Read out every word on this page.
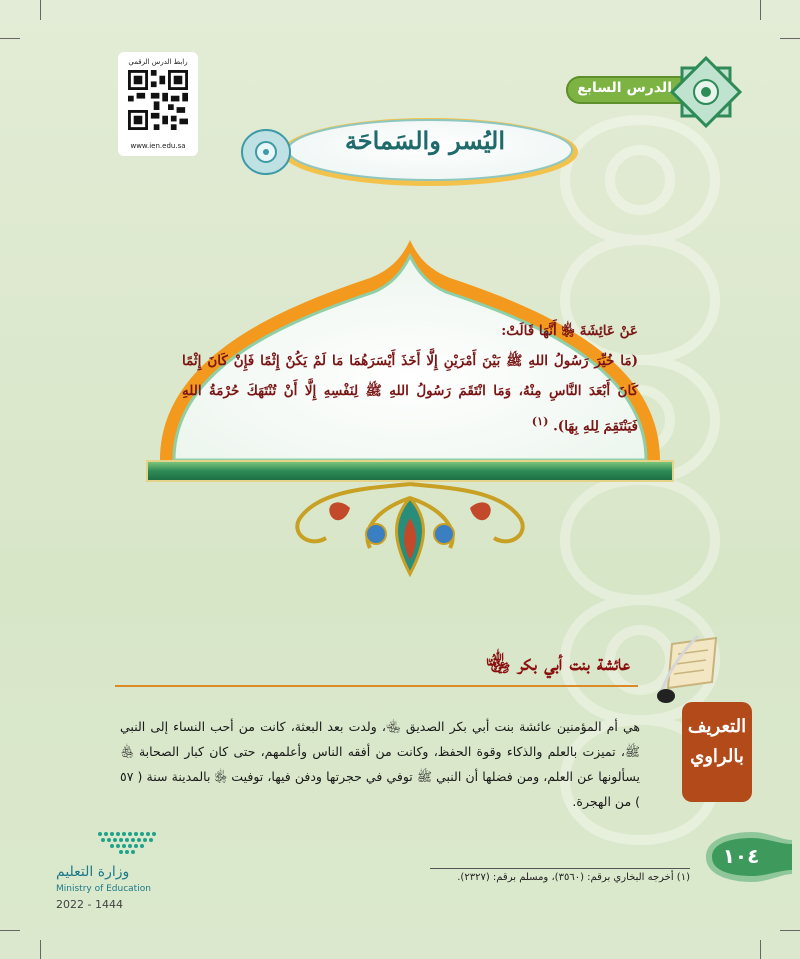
رابط الدرس الرقمي
www.ien.edu.sa
الدرس السابع
اليُسر والسَماحَة
عَنْ عَائِشَةَ ﵂ أَنَّهَا قَالَتْ:
(مَا خُيِّرَ رَسُولُ اللهِ ﷺ بَيْنَ أَمْرَيْنِ إِلَّا أَخَذَ أَيْسَرَهُمَا مَا لَمْ يَكُنْ إِثْمًا فَإِنْ كَانَ إِثْمًا كَانَ أَبْعَدَ النَّاسِ مِنْهُ، وَمَا انْتَقَمَ رَسُولُ اللهِ ﷺ لِنَفْسِهِ إِلَّا أَنْ تُنْتَهَكَ حُرْمَةُ اللهِ فَيَنْتَقِمَ لِلهِ بِهَا). $^{(١)}$
عائشة بنت أبي بكر ﵄
التعريف
بالراوي
هي أم المؤمنين عائشة بنت أبي بكر الصديق ﵄، ولدت بعد البعثة، كانت من أحب النساء إلى النبي ﷺ، تميزت بالعلم والذكاء وقوة الحفظ، وكانت من أفقه الناس وأعلمهم، حتى كان كبار الصحابة ﵃ يسألونها عن العلم، ومن فضلها أن النبي ﷺ توفي في حجرتها ودفن فيها، توفيت ﵂ بالمدينة سنة ( ٥٧ ) من الهجرة.
وزارة التعليم
Ministry of Education
2022 - 1444
(١) أخرجه البخاري برقم: (٣٥٦٠)، ومسلم برقم: (٢٣٢٧).
١٠٤
